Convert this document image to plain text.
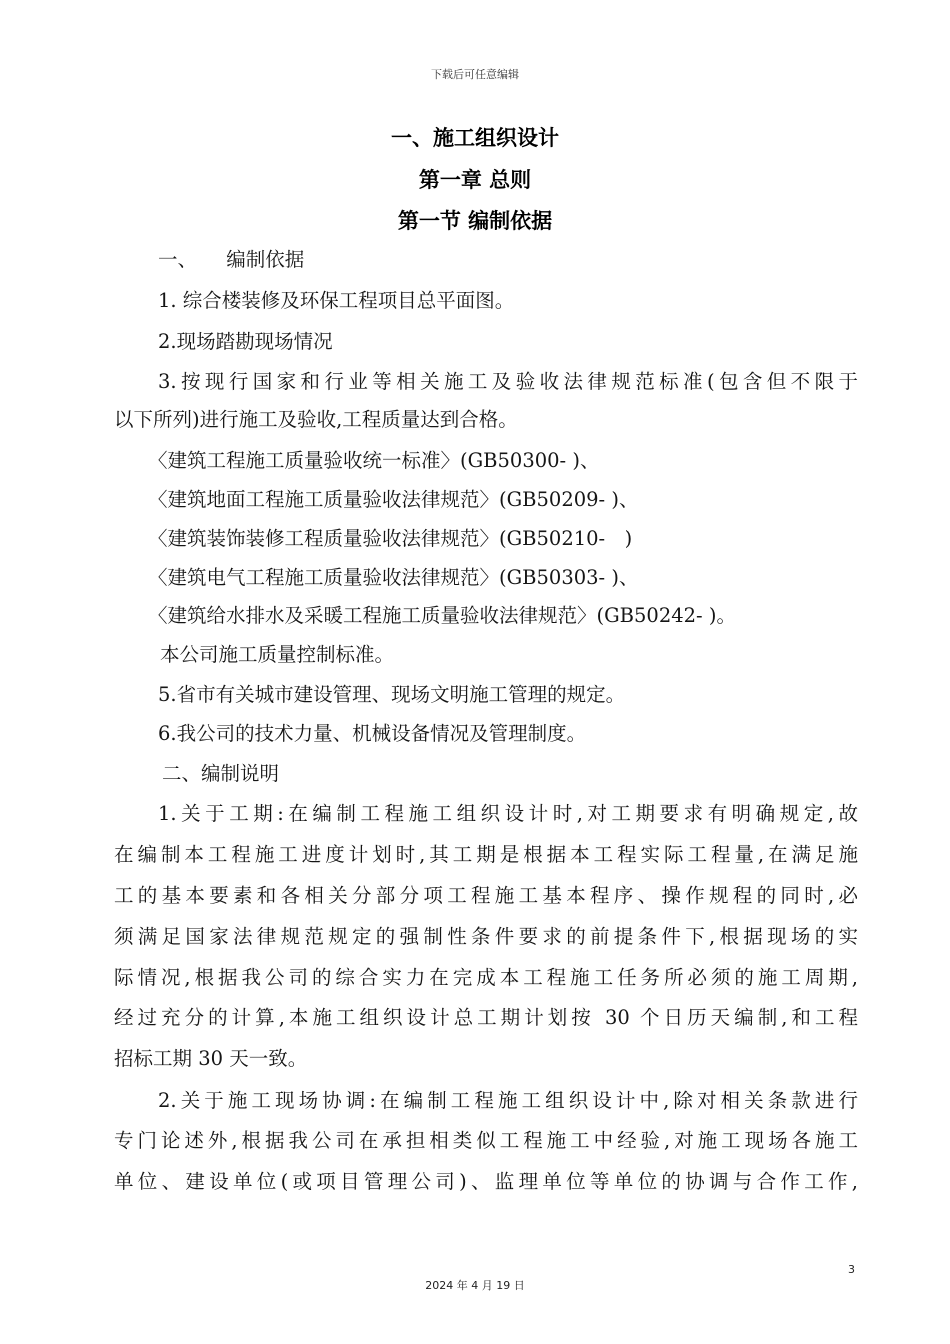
下载后可任意编辑
一、施工组织设计
第一章 总则
第一节 编制依据
一、　　编制依据
1. 综合楼装修及环保工程项目总平面图。
2.现场踏勘现场情况
3.按现行国家和行业等相关施工及验收法律规范标准(包含但不限于
以下所列)进行施工及验收,工程质量达到合格。
〈建筑工程施工质量验收统一标准〉(GB50300- )、
〈建筑地面工程施工质量验收法律规范〉(GB50209- )、
〈建筑装饰装修工程质量验收法律规范〉(GB50210-　)
〈建筑电气工程施工质量验收法律规范〉(GB50303- )、
〈建筑给水排水及采暖工程施工质量验收法律规范〉(GB50242- )。
本公司施工质量控制标准。
5.省市有关城市建设管理、现场文明施工管理的规定。
6.我公司的技术力量、机械设备情况及管理制度。
二、编制说明
1.关于工期:在编制工程施工组织设计时,对工期要求有明确规定,故
在编制本工程施工进度计划时,其工期是根据本工程实际工程量,在满足施
工的基本要素和各相关分部分项工程施工基本程序、操作规程的同时,必
须满足国家法律规范规定的强制性条件要求的前提条件下,根据现场的实
际情况,根据我公司的综合实力在完成本工程施工任务所必须的施工周期,
经过充分的计算,本施工组织设计总工期计划按 30 个日历天编制,和工程
招标工期 30 天一致。
2.关于施工现场协调:在编制工程施工组织设计中,除对相关条款进行
专门论述外,根据我公司在承担相类似工程施工中经验,对施工现场各施工
单位、建设单位(或项目管理公司)、监理单位等单位的协调与合作工作,
3
2024 年 4 月 19 日
